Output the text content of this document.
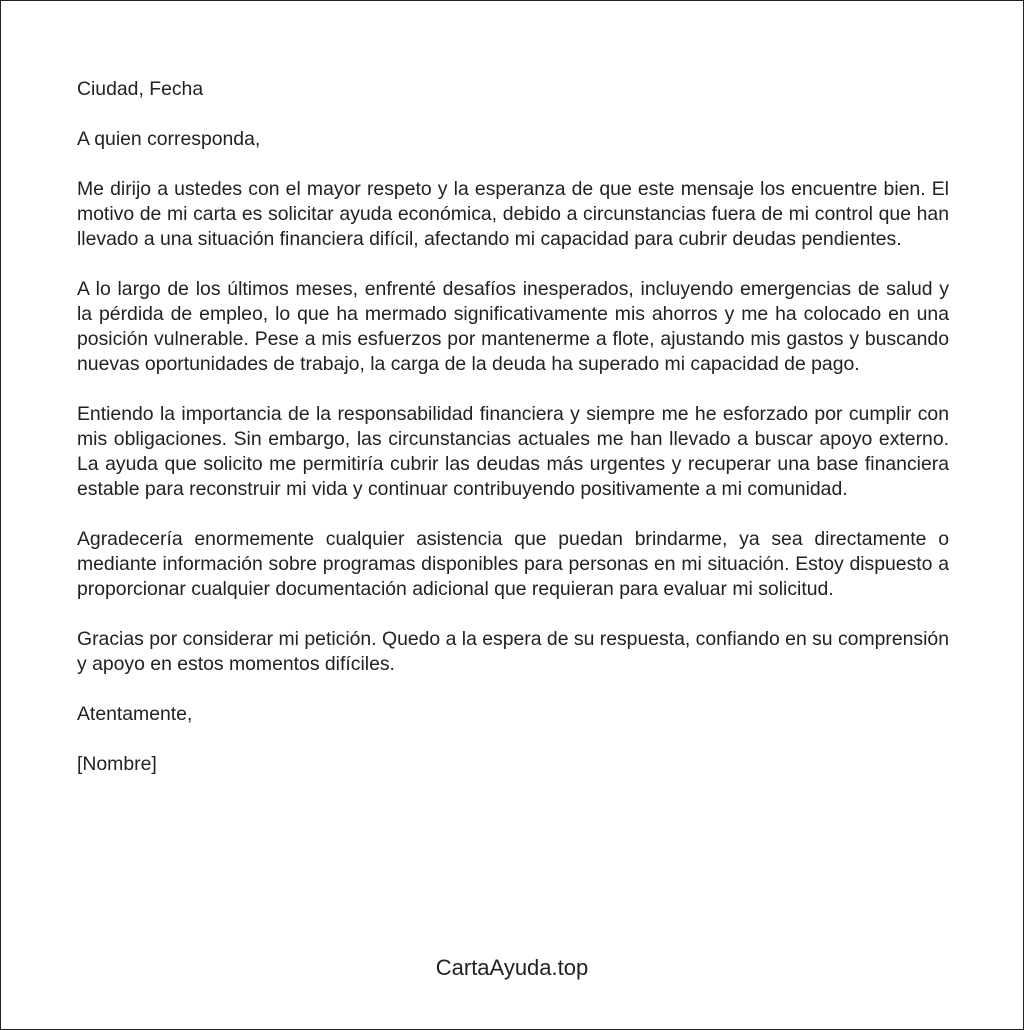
Ciudad, Fecha

A quien corresponda,

Me dirijo a ustedes con el mayor respeto y la esperanza de que este mensaje los encuentre bien. El motivo de mi carta es solicitar ayuda económica, debido a circunstancias fuera de mi control que han llevado a una situación financiera difícil, afectando mi capacidad para cubrir deudas pendientes.

A lo largo de los últimos meses, enfrenté desafíos inesperados, incluyendo emergencias de salud y la pérdida de empleo, lo que ha mermado significativamente mis ahorros y me ha colocado en una posición vulnerable. Pese a mis esfuerzos por mantenerme a flote, ajustando mis gastos y buscando nuevas oportunidades de trabajo, la carga de la deuda ha superado mi capacidad de pago.

Entiendo la importancia de la responsabilidad financiera y siempre me he esforzado por cumplir con mis obligaciones. Sin embargo, las circunstancias actuales me han llevado a buscar apoyo externo. La ayuda que solicito me permitiría cubrir las deudas más urgentes y recuperar una base financiera estable para reconstruir mi vida y continuar contribuyendo positivamente a mi comunidad.

Agradecería enormemente cualquier asistencia que puedan brindarme, ya sea directamente o mediante información sobre programas disponibles para personas en mi situación. Estoy dispuesto a proporcionar cualquier documentación adicional que requieran para evaluar mi solicitud.

Gracias por considerar mi petición. Quedo a la espera de su respuesta, confiando en su comprensión y apoyo en estos momentos difíciles.

Atentamente,

[Nombre]

CartaAyuda.top
